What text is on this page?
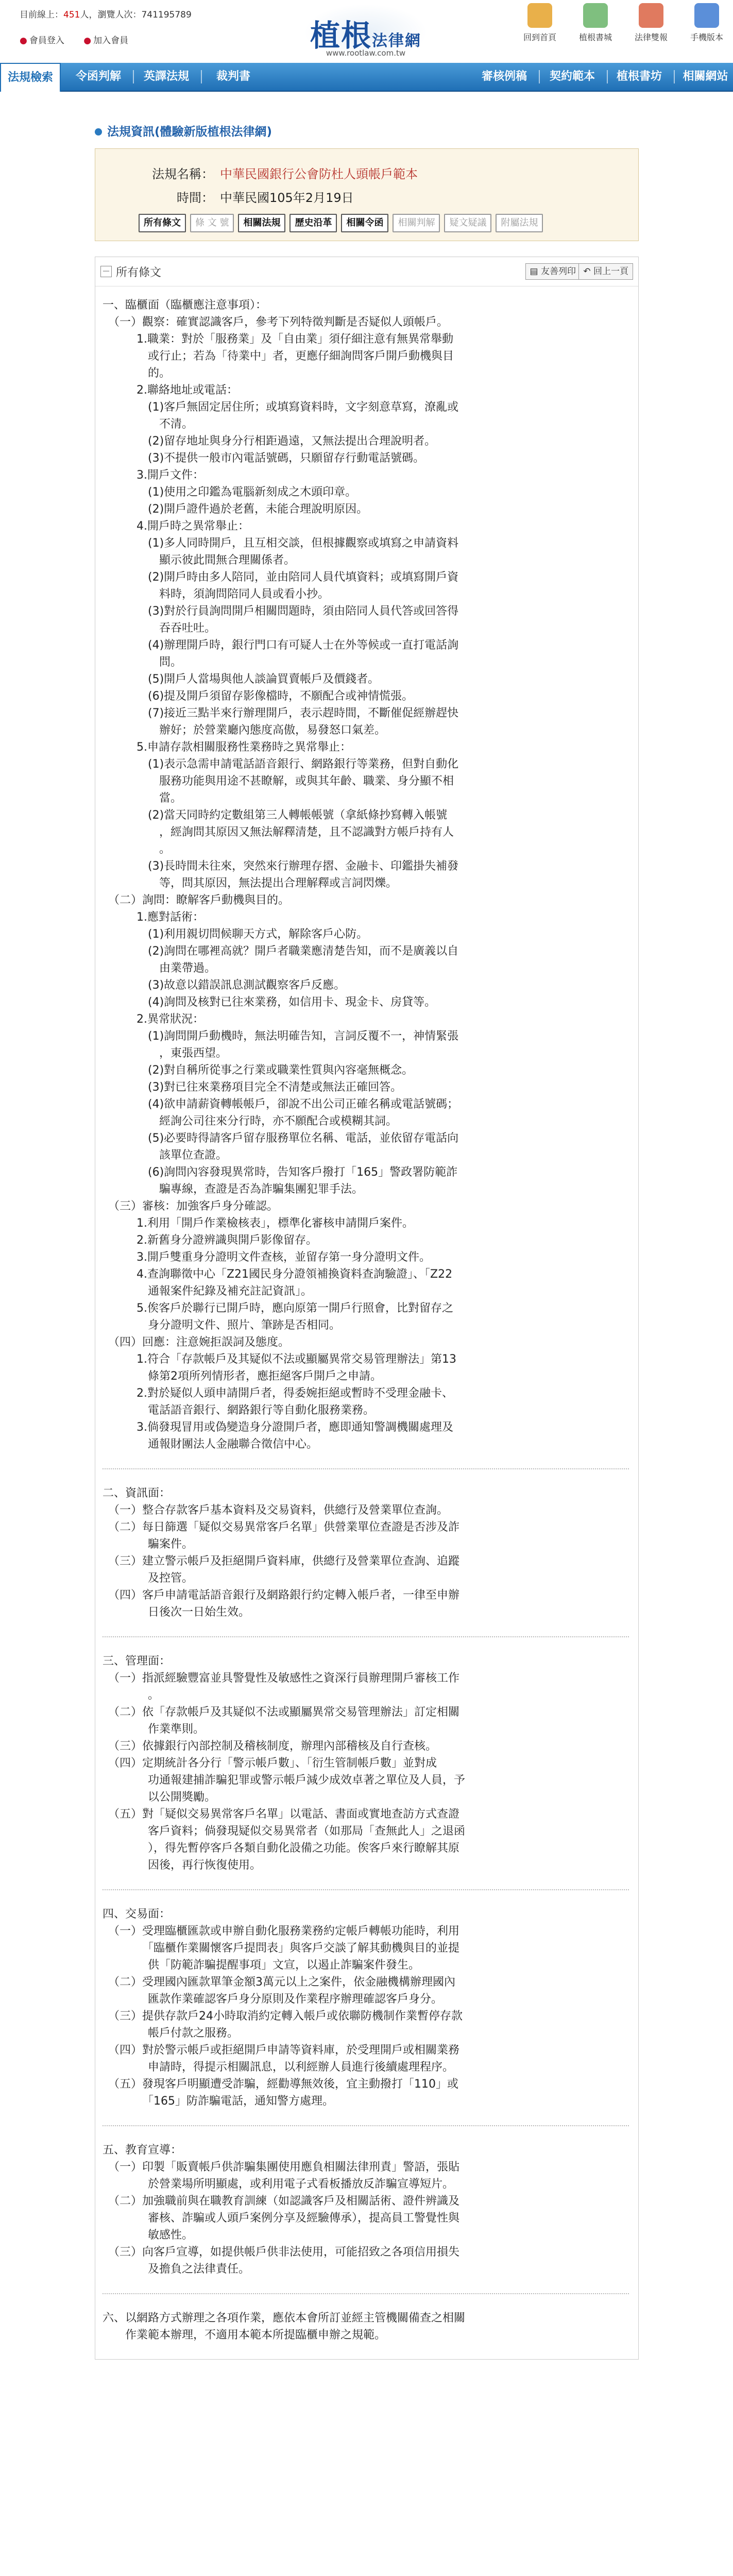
目前線上：451人，瀏覽人次：741195789
● 會員登入 ● 加入會員	植根法律網
www.rootlaw.com.tw
回到首頁	植根書城	法律雙報	手機版本
法規檢索	令函判解	英譯法規	裁判書	審核例稿	契約範本	植根書坊	相關網站
法規資訊(體驗新版植根法律網)
法規名稱： 中華民國銀行公會防杜人頭帳戶範本
時間： 中華民國105年2月19日
所有條文	條 文 號	相關法規	歷史沿革	相關令函	相關判解	疑文疑議	附屬法規
－ 所有條文	▤ 友善列印 ↶ 回上一頁
一、臨櫃面（臨櫃應注意事項）：
　（一）觀察：確實認識客戶，參考下列特徵判斷是否疑似人頭帳戶。
　　　1.職業：對於「服務業」及「自由業」須仔細注意有無異常舉動
　　　　或行止；若為「待業中」者，更應仔細詢問客戶開戶動機與目
　　　　的。
　　　2.聯絡地址或電話：
　　　　(1)客戶無固定居住所；或填寫資料時，文字刻意草寫，潦亂或
　　　　　不清。
　　　　(2)留存地址與身分行相距過遠，又無法提出合理說明者。
　　　　(3)不提供一般市內電話號碼，只願留存行動電話號碼。
　　　3.開戶文件：
　　　　(1)使用之印鑑為電腦新刻成之木頭印章。
　　　　(2)開戶證件過於老舊，未能合理說明原因。
　　　4.開戶時之異常舉止：
　　　　(1)多人同時開戶，且互相交談，但根據觀察或填寫之申請資料
　　　　　顯示彼此間無合理關係者。
　　　　(2)開戶時由多人陪同，並由陪同人員代填資料；或填寫開戶資
　　　　　料時，須詢問陪同人員或看小抄。
　　　　(3)對於行員詢問開戶相關問題時，須由陪同人員代答或回答得
　　　　　吞吞吐吐。
　　　　(4)辦理開戶時，銀行門口有可疑人士在外等候或一直打電話詢
　　　　　問。
　　　　(5)開戶人當場與他人談論買賣帳戶及價錢者。
　　　　(6)提及開戶須留存影像檔時，不願配合或神情慌張。
　　　　(7)接近三點半來行辦理開戶，表示趕時間，不斷催促經辦趕快
　　　　　辦好；於營業廳內態度高傲，易發怒口氣差。
　　　5.申請存款相關服務性業務時之異常舉止：
　　　　(1)表示急需申請電話語音銀行、網路銀行等業務，但對自動化
　　　　　服務功能與用途不甚瞭解，或與其年齡、職業、身分顯不相
　　　　　當。
　　　　(2)當天同時約定數組第三人轉帳帳號（拿紙條抄寫轉入帳號
　　　　　，經詢問其原因又無法解釋清楚，且不認識對方帳戶持有人
　　　　　。
　　　　(3)長時間未往來，突然來行辦理存摺、金融卡、印鑑掛失補發
　　　　　等，問其原因，無法提出合理解釋或言詞閃爍。
　（二）詢問：瞭解客戶動機與目的。
　　　1.應對話術：
　　　　(1)利用親切問候聊天方式，解除客戶心防。
　　　　(2)詢問在哪裡高就？開戶者職業應清楚告知，而不是廣義以自
　　　　　由業帶過。
　　　　(3)故意以錯誤訊息測試觀察客戶反應。
　　　　(4)詢問及核對已往來業務，如信用卡、現金卡、房貸等。
　　　2.異常狀況：
　　　　(1)詢問開戶動機時，無法明確告知，言詞反覆不一，神情緊張
　　　　　，東張西望。
　　　　(2)對自稱所從事之行業或職業性質與內容毫無概念。
　　　　(3)對已往來業務項目完全不清楚或無法正確回答。
　　　　(4)欲申請薪資轉帳帳戶，卻說不出公司正確名稱或電話號碼；
　　　　　經詢公司往來分行時，亦不願配合或模糊其詞。
　　　　(5)必要時得請客戶留存服務單位名稱、電話，並依留存電話向
　　　　　該單位查證。
　　　　(6)詢問內容發現異常時，告知客戶撥打「165」警政署防範詐
　　　　　騙專線，查證是否為詐騙集團犯罪手法。
　（三）審核：加強客戶身分確認。
　　　1.利用「開戶作業檢核表」，標準化審核申請開戶案件。
　　　2.新舊身分證辨識與開戶影像留存。
　　　3.開戶雙重身分證明文件查核，並留存第一身分證明文件。
　　　4.查詢聯徵中心「Z21國民身分證領補換資料查詢驗證」、「Z22
　　　　通報案件紀錄及補充註記資訊」。
　　　5.俟客戶於聯行已開戶時，應向原第一開戶行照會，比對留存之
　　　　身分證明文件、照片、筆跡是否相同。
　（四）回應：注意婉拒誤詞及態度。
　　　1.符合「存款帳戶及其疑似不法或顯屬異常交易管理辦法」第13
　　　　條第2項所列情形者，應拒絕客戶開戶之申請。
　　　2.對於疑似人頭申請開戶者，得委婉拒絕或暫時不受理金融卡、
　　　　電話語音銀行、網路銀行等自動化服務業務。
　　　3.倘發現冒用或偽變造身分證開戶者，應即通知警調機關處理及
　　　　通報財團法人金融聯合徵信中心。
二、資訊面：
　（一）整合存款客戶基本資料及交易資料，供總行及營業單位查詢。
　（二）每日篩選「疑似交易異常客戶名單」供營業單位查證是否涉及詐
　　　　騙案件。
　（三）建立警示帳戶及拒絕開戶資料庫，供總行及營業單位查詢、追蹤
　　　　及控管。
　（四）客戶申請電話語音銀行及網路銀行約定轉入帳戶者，一律至申辦
　　　　日後次一日始生效。
三、管理面：
　（一）指派經驗豐富並具警覺性及敏感性之資深行員辦理開戶審核工作
　　　　。
　（二）依「存款帳戶及其疑似不法或顯屬異常交易管理辦法」訂定相關
　　　　作業準則。
　（三）依據銀行內部控制及稽核制度，辦理內部稽核及自行查核。
　（四）定期統計各分行「警示帳戶數」、「衍生管制帳戶數」並對成
　　　　功通報建捕詐騙犯罪或警示帳戶減少成效卓著之單位及人員，予
　　　　以公開獎勵。
　（五）對「疑似交易異常客戶名單」以電話、書面或實地查訪方式查證
　　　　客戶資料；倘發現疑似交易異常者（如那局「查無此人」之退函
　　　　），得先暫停客戶各類自動化設備之功能。俟客戶來行瞭解其原
　　　　因後，再行恢復使用。
四、交易面：
　（一）受理臨櫃匯款或申辦自動化服務業務約定帳戶轉帳功能時，利用
　　　　「臨櫃作業關懷客戶提問表」與客戶交談了解其動機與目的並提
　　　　供「防範詐騙提醒事項」文宣，以遏止詐騙案件發生。
　（二）受理國內匯款單筆金額3萬元以上之案件，依金融機構辦理國內
　　　　匯款作業確認客戶身分原則及作業程序辦理確認客戶身分。
　（三）提供存款戶24小時取消約定轉入帳戶或依聯防機制作業暫停存款
　　　　帳戶付款之服務。
　（四）對於警示帳戶或拒絕開戶申請等資料庫，於受理開戶或相關業務
　　　　申請時，得提示相關訊息，以利經辦人員進行後續處理程序。
　（五）發現客戶明顯遭受詐騙，經勸導無效後，宜主動撥打「110」或
　　　　「165」防詐騙電話，通知警方處理。
五、教育宣導：
　（一）印製「販賣帳戶供詐騙集團使用應負相關法律刑責」警語，張貼
　　　　於營業場所明顯處，或利用電子式看板播放反詐騙宣導短片。
　（二）加強職前與在職教育訓練（如認識客戶及相關話術、證件辨識及
　　　　審核、詐騙或人頭戶案例分享及經驗傳承），提高員工警覺性與
　　　　敏感性。
　（三）向客戶宣導，如提供帳戶供非法使用，可能招致之各項信用損失
　　　　及擔負之法律責任。
六、以網路方式辦理之各項作業，應依本會所訂並經主管機關備查之相關
　　作業範本辦理，不適用本範本所提臨櫃申辦之規範。
